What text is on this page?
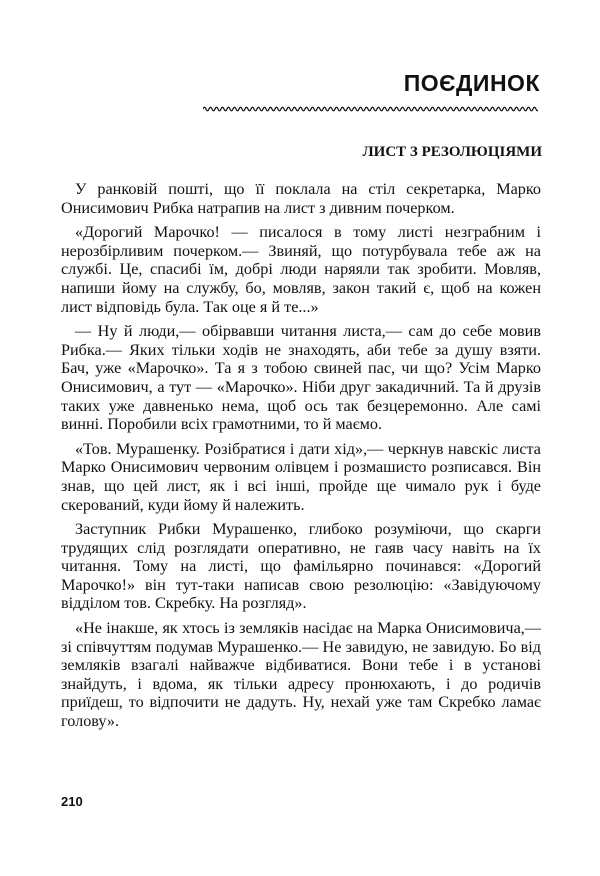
ПОЄДИНОК
ЛИСТ З РЕЗОЛЮЦІЯМИ

У ранковій пошті, що її поклала на стіл секретарка, Марко Онисимович Рибка натрапив на лист з дивним почерком.

«Дорогий Марочко! — писалося в тому листі незграбним і нерозбірливим почерком.— Звиняй, що потурбувала тебе аж на службі. Це, спасибі їм, добрі люди наряяли так зробити. Мовляв, напиши йому на службу, бо, мовляв, закон такий є, щоб на кожен лист відповідь була. Так оце я й те...»

— Ну й люди,— обірвавши читання листа,— сам до себе мовив Рибка.— Яких тільки ходів не знаходять, аби тебе за душу взяти. Бач, уже «Марочко». Та я з тобою свиней пас, чи що? Усім Марко Онисимович, а тут — «Марочко». Ніби друг закадичний. Та й друзів таких уже давненько нема, щоб ось так безцеремонно. Але самі винні. Поробили всіх грамотними, то й маємо.

«Тов. Мурашенку. Розібратися і дати хід»,— черкнув навскіс листа Марко Онисимович червоним олівцем і розмашисто розписався. Він знав, що цей лист, як і всі інші, пройде ще чимало рук і буде скерований, куди йому й належить.

Заступник Рибки Мурашенко, глибоко розуміючи, що скарги трудящих слід розглядати оперативно, не гаяв часу навіть на їх читання. Тому на листі, що фамільярно починався: «Дорогий Марочко!» він тут-таки написав свою резолюцію: «Завідуючому відділом тов. Скребку. На розгляд».

«Не інакше, як хтось із земляків насідає на Марка Онисимовича,— зі співчуттям подумав Мурашенко.— Не завидую, не завидую. Бо від земляків взагалі найважче відбиватися. Вони тебе і в установі знайдуть, і вдома, як тільки адресу пронюхають, і до родичів приїдеш, то відпочити не дадуть. Ну, нехай уже там Скребко ламає голову».

210
